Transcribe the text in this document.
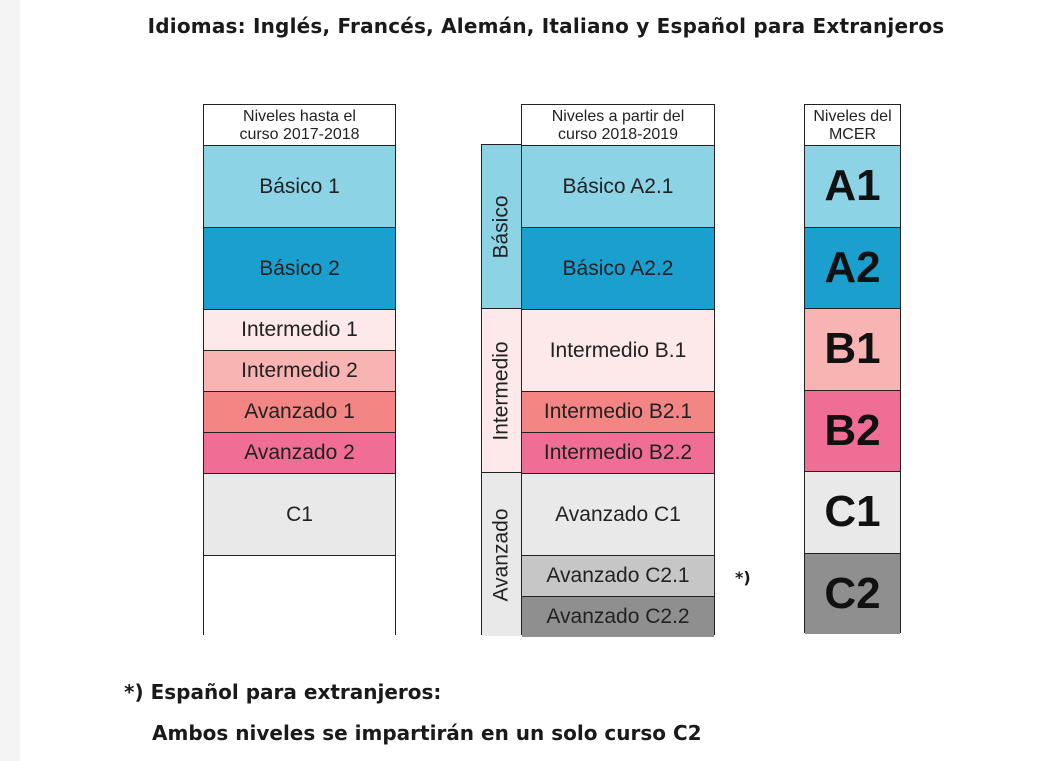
Idiomas: Inglés, Francés, Alemán, Italiano y Español para Extranjeros
Niveles hasta el
curso 2017-2018
Básico 1
Básico 2
Intermedio 1
Intermedio 2
Avanzado 1
Avanzado 2
C1
Básico
Intermedio
Avanzado
Niveles a partir del
curso 2018-2019
Básico A2.1
Básico A2.2
Intermedio B.1
Intermedio B2.1
Intermedio B2.2
Avanzado C1
Avanzado C2.1
Avanzado C2.2
*)
Niveles del
MCER
A1
A2
B1
B2
C1
C2
*) Español para extranjeros:
Ambos niveles se impartirán en un solo curso C2
